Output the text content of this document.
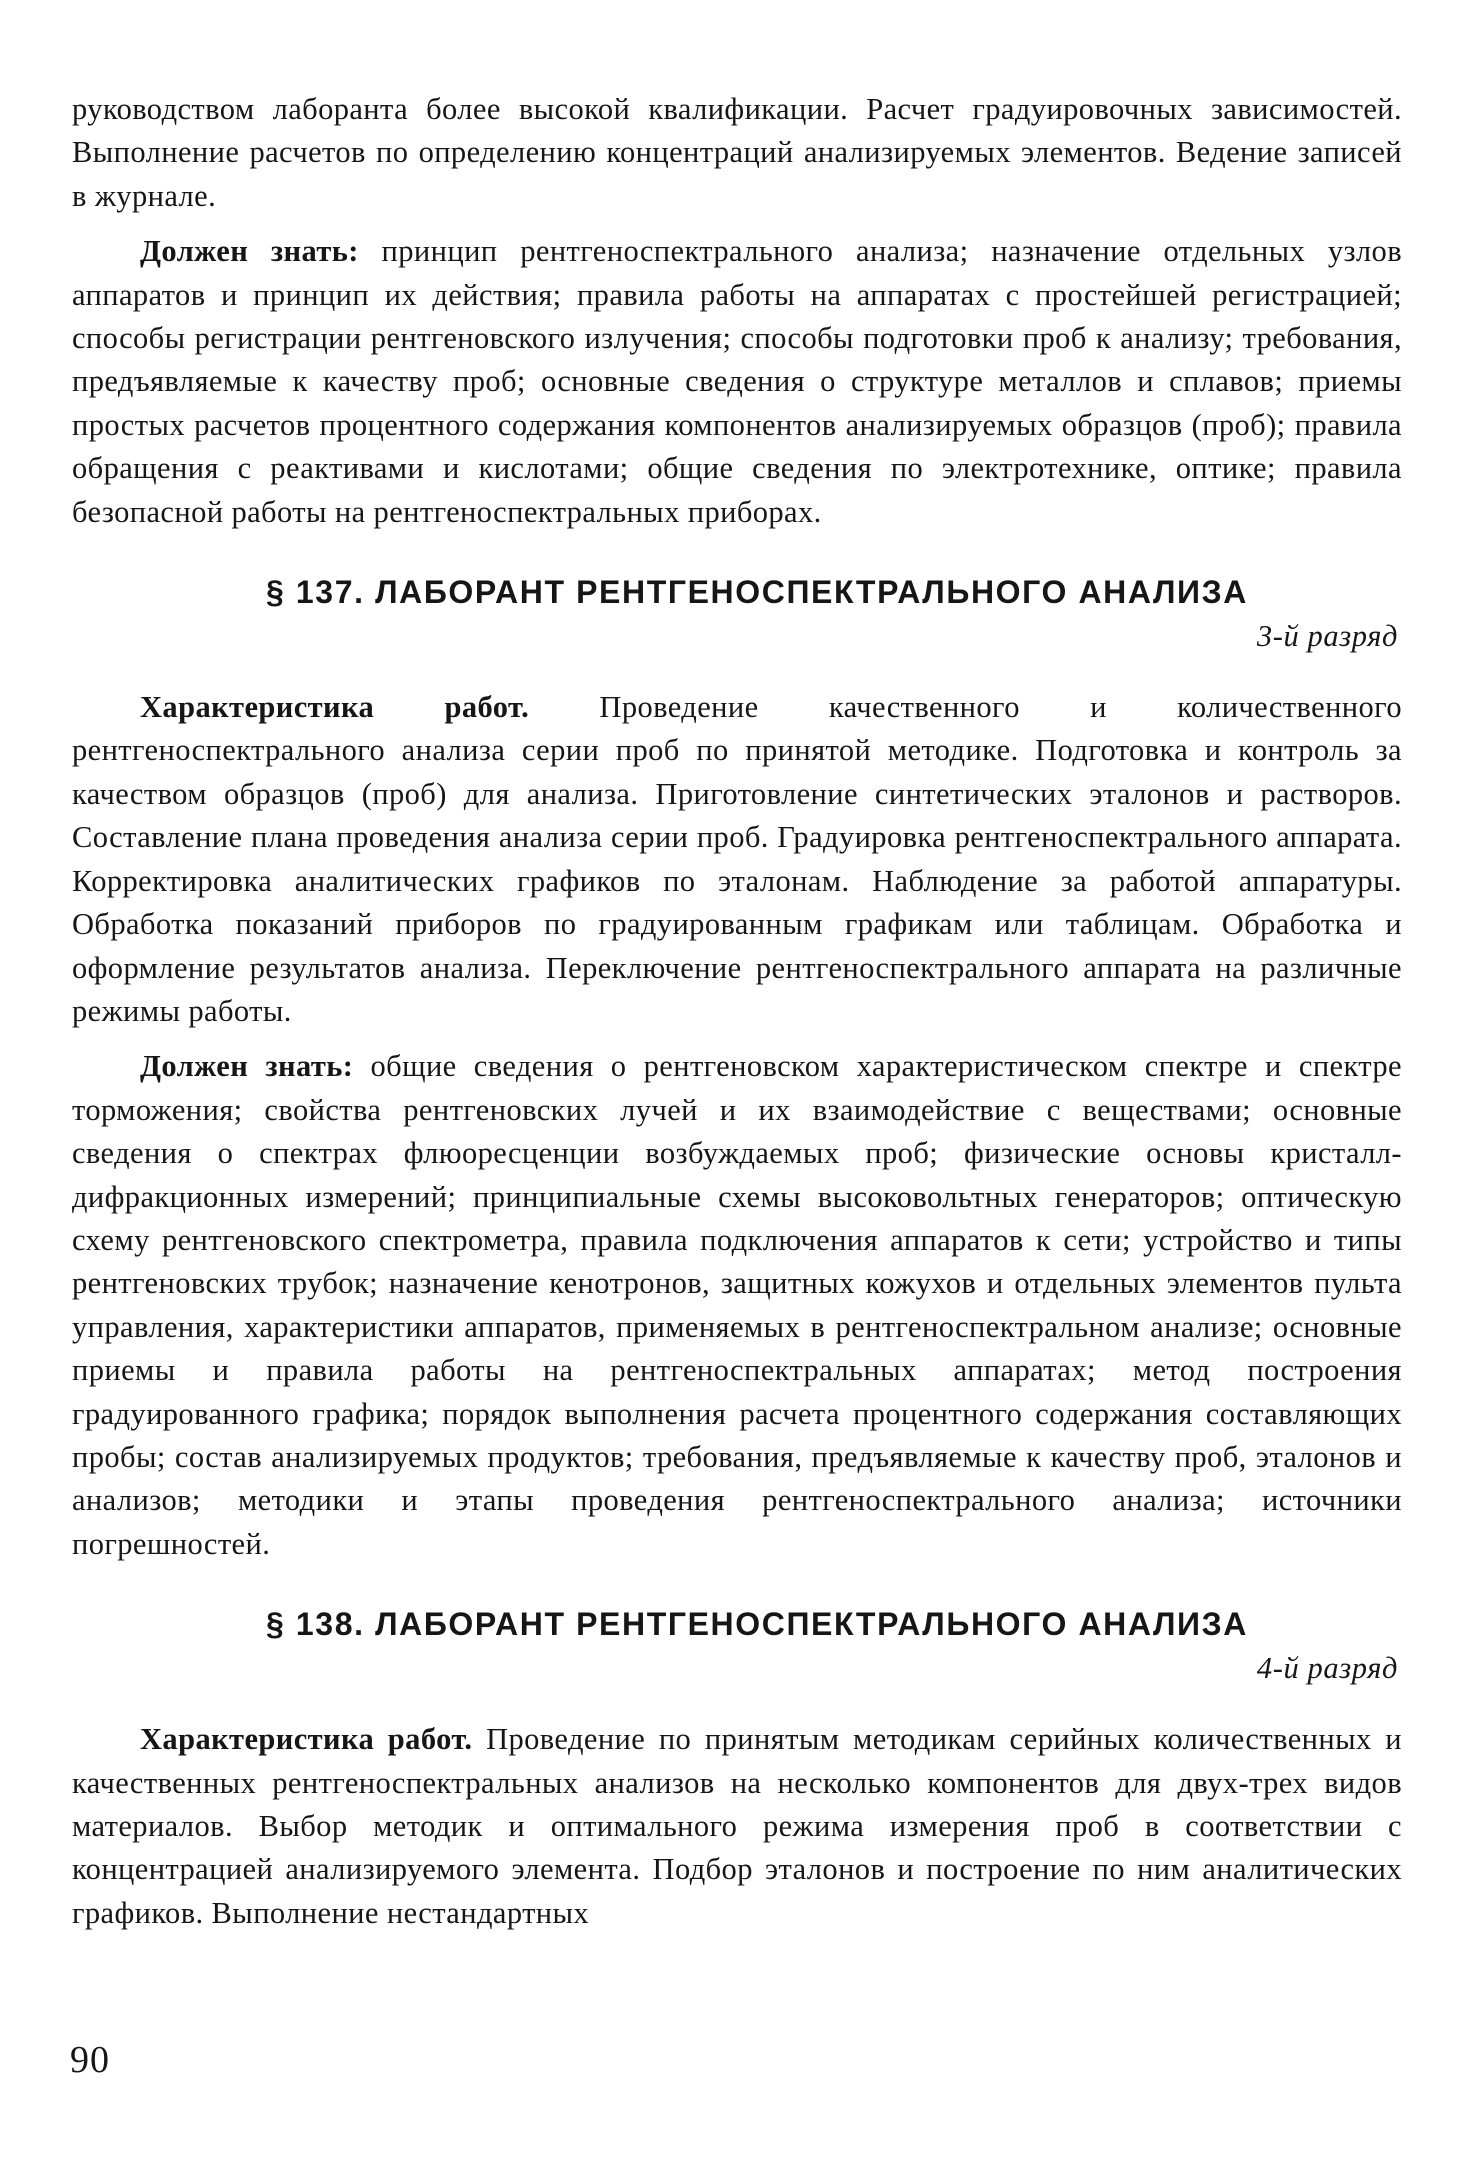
руководством лаборанта более высокой квалификации. Расчет градуировочных зависимостей. Выполнение расчетов по определению концентраций анализируемых элементов. Ведение записей в журнале.

Должен знать: принцип рентгеноспектрального анализа; назначение отдельных узлов аппаратов и принцип их действия; правила работы на аппаратах с простейшей регистрацией; способы регистрации рентгеновского излучения; способы подготовки проб к анализу; требования, предъявляемые к качеству проб; основные сведения о структуре металлов и сплавов; приемы простых расчетов процентного содержания компонентов анализируемых образцов (проб); правила обращения с реактивами и кислотами; общие сведения по электротехнике, оптике; правила безопасной работы на рентгеноспектральных приборах.

§ 137. ЛАБОРАНТ РЕНТГЕНОСПЕКТРАЛЬНОГО АНАЛИЗА
3-й разряд

Характеристика работ. Проведение качественного и количественного рентгеноспектрального анализа серии проб по принятой методике. Подготовка и контроль за качеством образцов (проб) для анализа. Приготовление синтетических эталонов и растворов. Составление плана проведения анализа серии проб. Градуировка рентгеноспектрального аппарата. Корректировка аналитических графиков по эталонам. Наблюдение за работой аппаратуры. Обработка показаний приборов по градуированным графикам или таблицам. Обработка и оформление результатов анализа. Переключение рентгеноспектрального аппарата на различные режимы работы.

Должен знать: общие сведения о рентгеновском характеристическом спектре и спектре торможения; свойства рентгеновских лучей и их взаимодействие с веществами; основные сведения о спектрах флюоресценции возбуждаемых проб; физические основы кристалл-дифракционных измерений; принципиальные схемы высоковольтных генераторов; оптическую схему рентгеновского спектрометра, правила подключения аппаратов к сети; устройство и типы рентгеновских трубок; назначение кенотронов, защитных кожухов и отдельных элементов пульта управления, характеристики аппаратов, применяемых в рентгеноспектральном анализе; основные приемы и правила работы на рентгеноспектральных аппаратах; метод построения градуированного графика; порядок выполнения расчета процентного содержания составляющих пробы; состав анализируемых продуктов; требования, предъявляемые к качеству проб, эталонов и анализов; методики и этапы проведения рентгеноспектрального анализа; источники погрешностей.

§ 138. ЛАБОРАНТ РЕНТГЕНОСПЕКТРАЛЬНОГО АНАЛИЗА
4-й разряд

Характеристика работ. Проведение по принятым методикам серийных количественных и качественных рентгеноспектральных анализов на несколько компонентов для двух-трех видов материалов. Выбор методик и оптимального режима измерения проб в соответствии с концентрацией анализируемого элемента. Подбор эталонов и построение по ним аналитических графиков. Выполнение нестандартных

90
